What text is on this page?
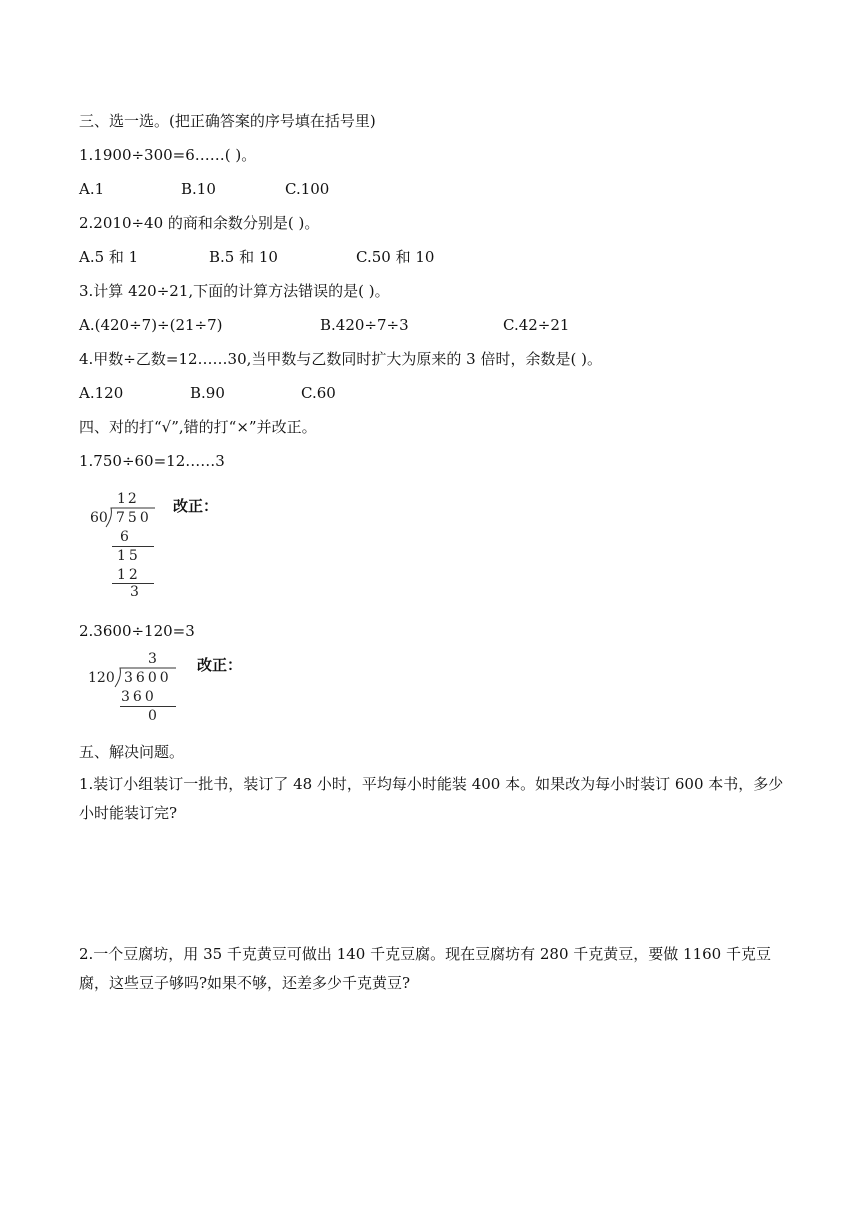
三、选一选。(把正确答案的序号填在括号里)
1.1900÷300=6……( )。
A.1	B.10	C.100
2.2010÷40 的商和余数分别是( )。
A.5 和 1	B.5 和 10	C.50 和 10
3.计算 420÷21,下面的计算方法错误的是( )。
A.(420÷7)÷(21÷7)	B.420÷7÷3	C.42÷21
4.甲数÷乙数=12……30,当甲数与乙数同时扩大为原来的 3 倍时，余数是( )。
A.120	B.90	C.60
四、对的打“√”,错的打“×”并改正。
1.750÷60=12……3
12
60 750
6
15
12
3
改正：
2.3600÷120=3
3
120 3600
360
0
改正：
五、解决问题。
1.装订小组装订一批书，装订了 48 小时，平均每小时能装 400 本。如果改为每小时装订 600 本书，多少小时能装订完?
2.一个豆腐坊，用 35 千克黄豆可做出 140 千克豆腐。现在豆腐坊有 280 千克黄豆，要做 1160 千克豆腐，这些豆子够吗?如果不够，还差多少千克黄豆?
